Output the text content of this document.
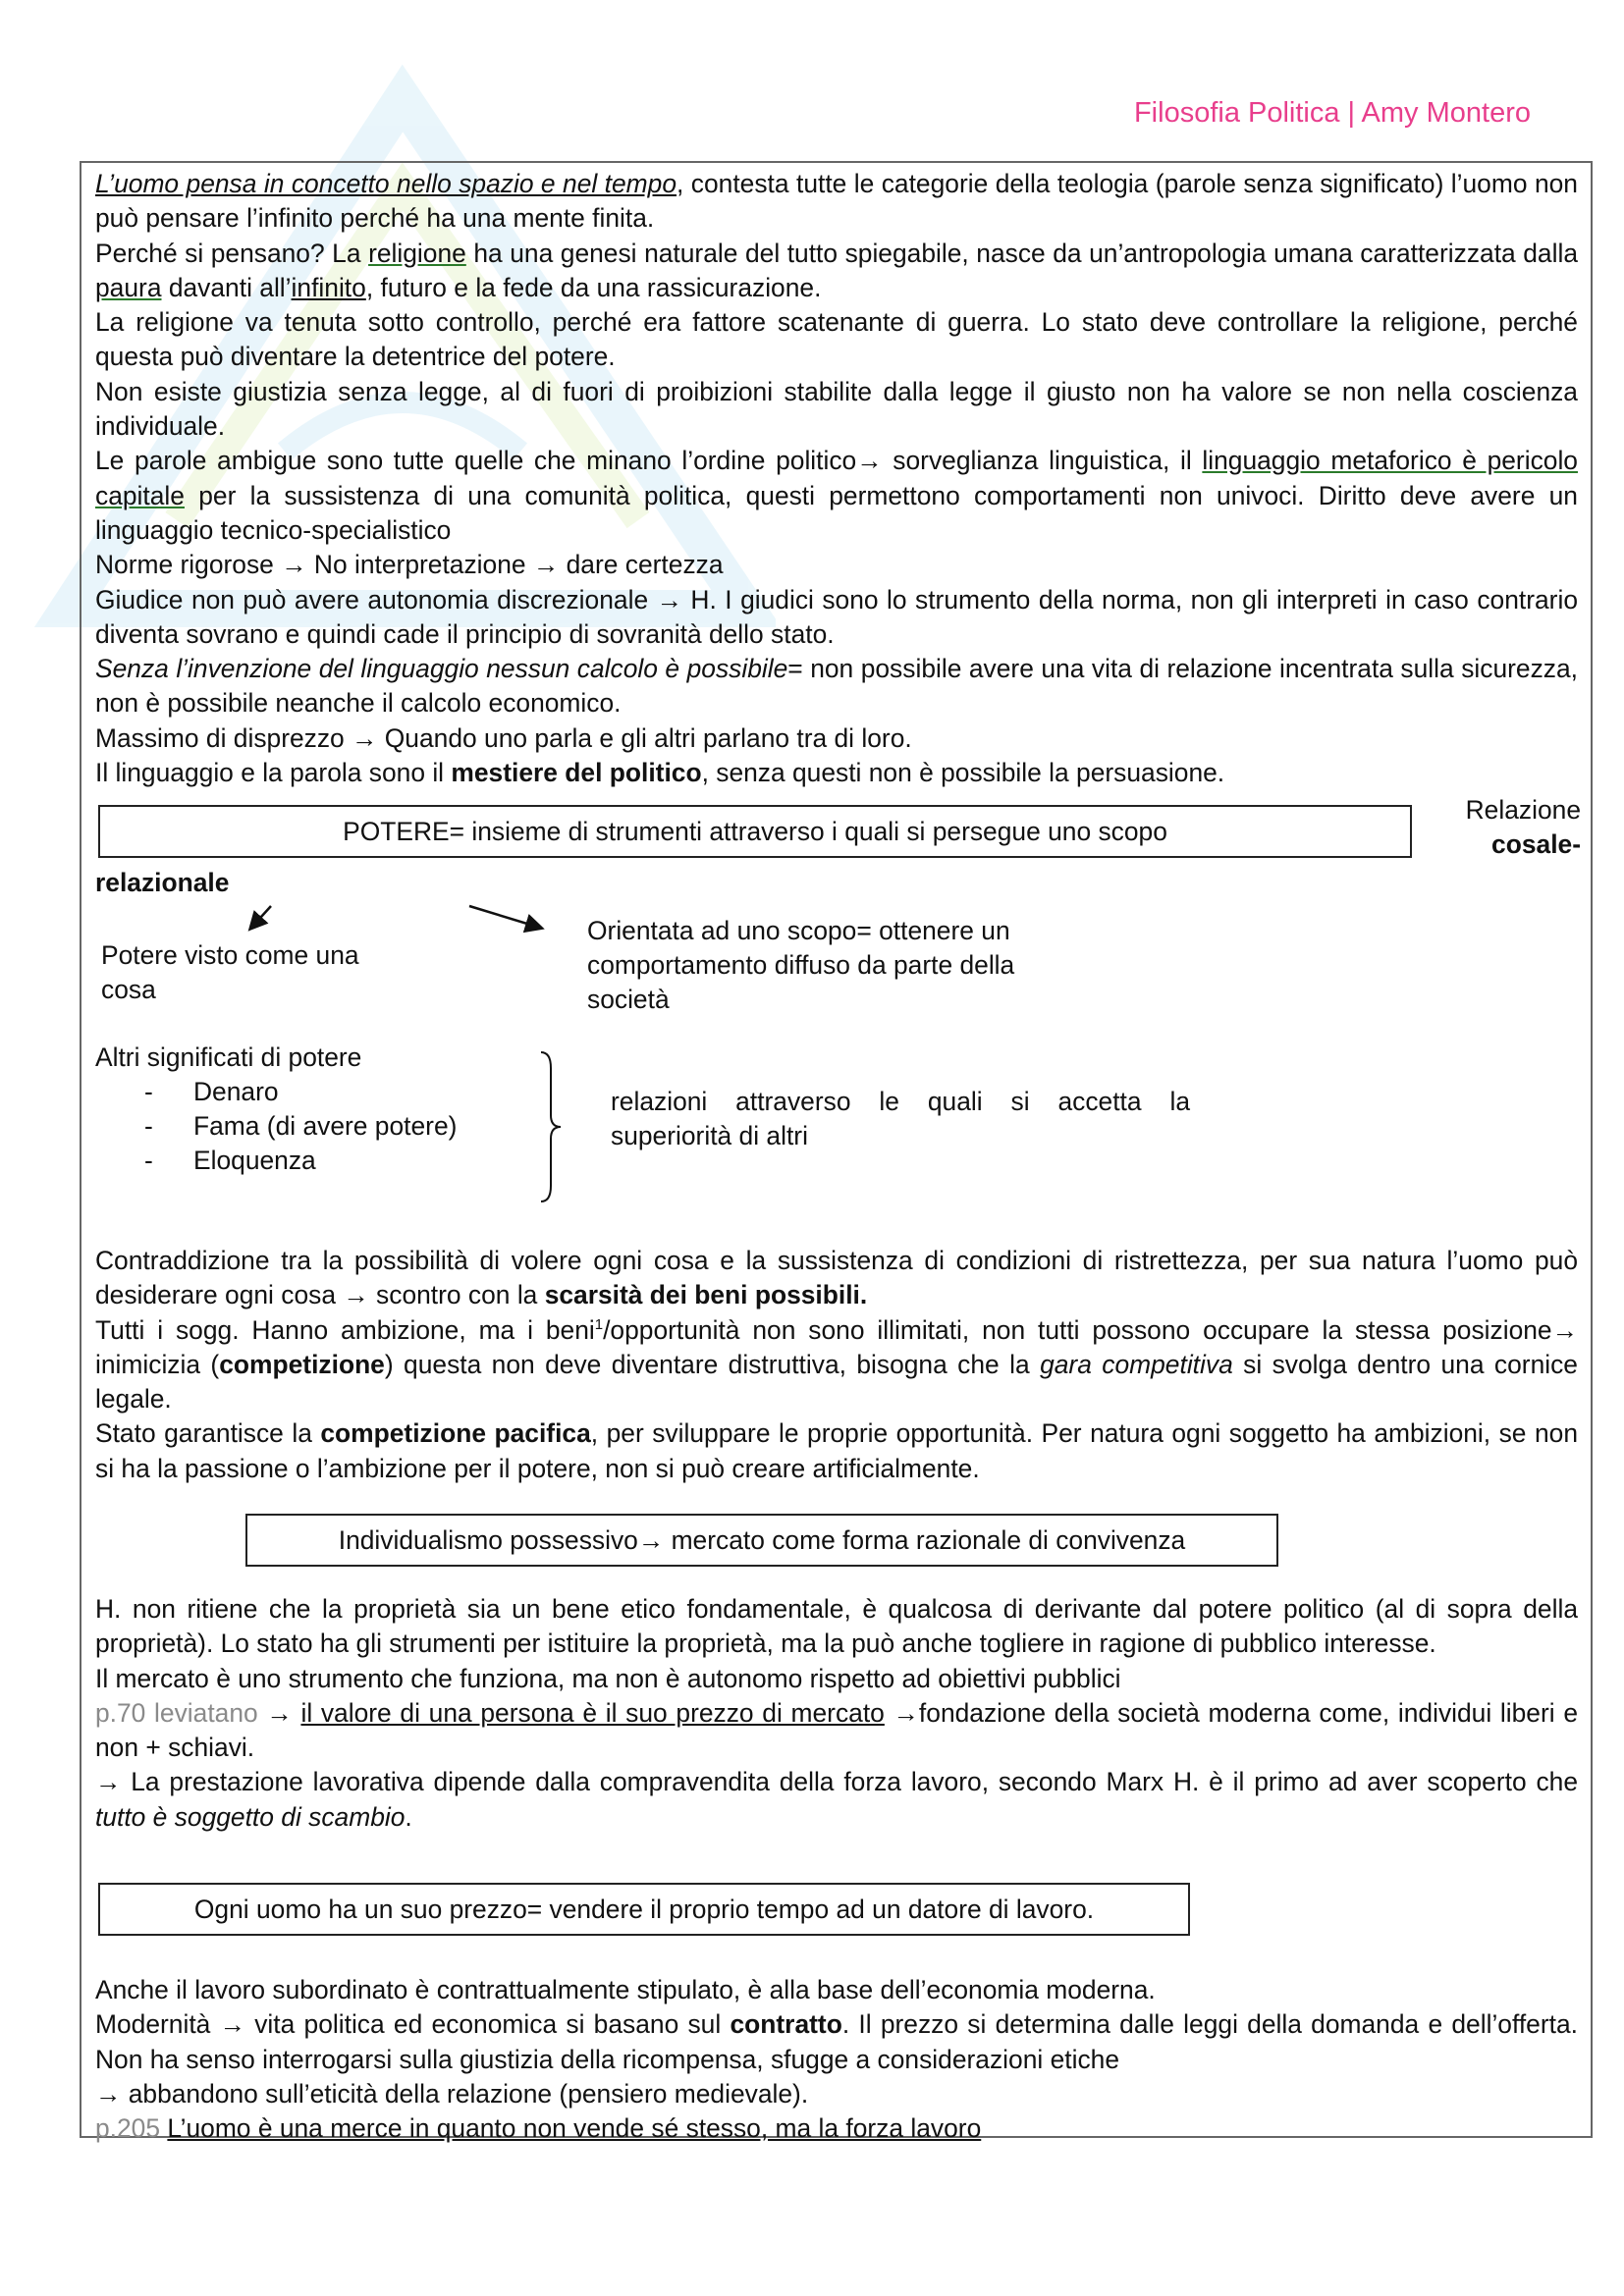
Filosofia Politica | Amy Montero

L’uomo pensa in concetto nello spazio e nel tempo, contesta tutte le categorie della teologia (parole senza significato) l’uomo non può pensare l’infinito perché ha una mente finita.

Perché si pensano? La religione ha una genesi naturale del tutto spiegabile, nasce da un’antropologia umana caratterizzata dalla paura davanti all’infinito, futuro e la fede da una rassicurazione.

La religione va tenuta sotto controllo, perché era fattore scatenante di guerra. Lo stato deve controllare la religione, perché questa può diventare la detentrice del potere.

Non esiste giustizia senza legge, al di fuori di proibizioni stabilite dalla legge il giusto non ha valore se non nella coscienza individuale.

Le parole ambigue sono tutte quelle che minano l’ordine politico→ sorveglianza linguistica, il linguaggio metaforico è pericolo capitale per la sussistenza di una comunità politica, questi permettono comportamenti non univoci. Diritto deve avere un linguaggio tecnico-specialistico

Norme rigorose → No interpretazione → dare certezza

Giudice non può avere autonomia discrezionale → H. I giudici sono lo strumento della norma, non gli interpreti in caso contrario diventa sovrano e quindi cade il principio di sovranità dello stato.

Senza l’invenzione del linguaggio nessun calcolo è possibile= non possibile avere una vita di relazione incentrata sulla sicurezza, non è possibile neanche il calcolo economico.

Massimo di disprezzo → Quando uno parla e gli altri parlano tra di loro.

Il linguaggio e la parola sono il mestiere del politico, senza questi non è possibile la persuasione.

POTERE= insieme di strumenti attraverso i quali si persegue uno scopo
Relazione
cosale-
relazionale
Potere visto come una cosa
Orientata ad uno scopo= ottenere un comportamento diffuso da parte della società
Altri significati di potere
- Denaro
- Fama (di avere potere)
- Eloquenza
relazioni attraverso le quali si accetta la superiorità di altri

Contraddizione tra la possibilità di volere ogni cosa e la sussistenza di condizioni di ristrettezza, per sua natura l’uomo può desiderare ogni cosa → scontro con la scarsità dei beni possibili.

Tutti i sogg. Hanno ambizione, ma i beni$^1$/opportunità non sono illimitati, non tutti possono occupare la stessa posizione→ inimicizia (competizione) questa non deve diventare distruttiva, bisogna che la gara competitiva si svolga dentro una cornice legale.

Stato garantisce la competizione pacifica, per sviluppare le proprie opportunità. Per natura ogni soggetto ha ambizioni, se non si ha la passione o l’ambizione per il potere, non si può creare artificialmente.

Individualismo possessivo→ mercato come forma razionale di convivenza

H. non ritiene che la proprietà sia un bene etico fondamentale, è qualcosa di derivante dal potere politico (al di sopra della proprietà). Lo stato ha gli strumenti per istituire la proprietà, ma la può anche togliere in ragione di pubblico interesse.

Il mercato è uno strumento che funziona, ma non è autonomo rispetto ad obiettivi pubblici

p.70 leviatano → il valore di una persona è il suo prezzo di mercato →fondazione della società moderna come, individui liberi e non + schiavi.

→ La prestazione lavorativa dipende dalla compravendita della forza lavoro, secondo Marx H. è il primo ad aver scoperto che tutto è soggetto di scambio.

Ogni uomo ha un suo prezzo= vendere il proprio tempo ad un datore di lavoro.

Anche il lavoro subordinato è contrattualmente stipulato, è alla base dell’economia moderna.

Modernità → vita politica ed economica si basano sul contratto. Il prezzo si determina dalle leggi della domanda e dell’offerta. Non ha senso interrogarsi sulla giustizia della ricompensa, sfugge a considerazioni etiche

→ abbandono sull’eticità della relazione (pensiero medievale).

p.205 L’uomo è una merce in quanto non vende sé stesso, ma la forza lavoro
